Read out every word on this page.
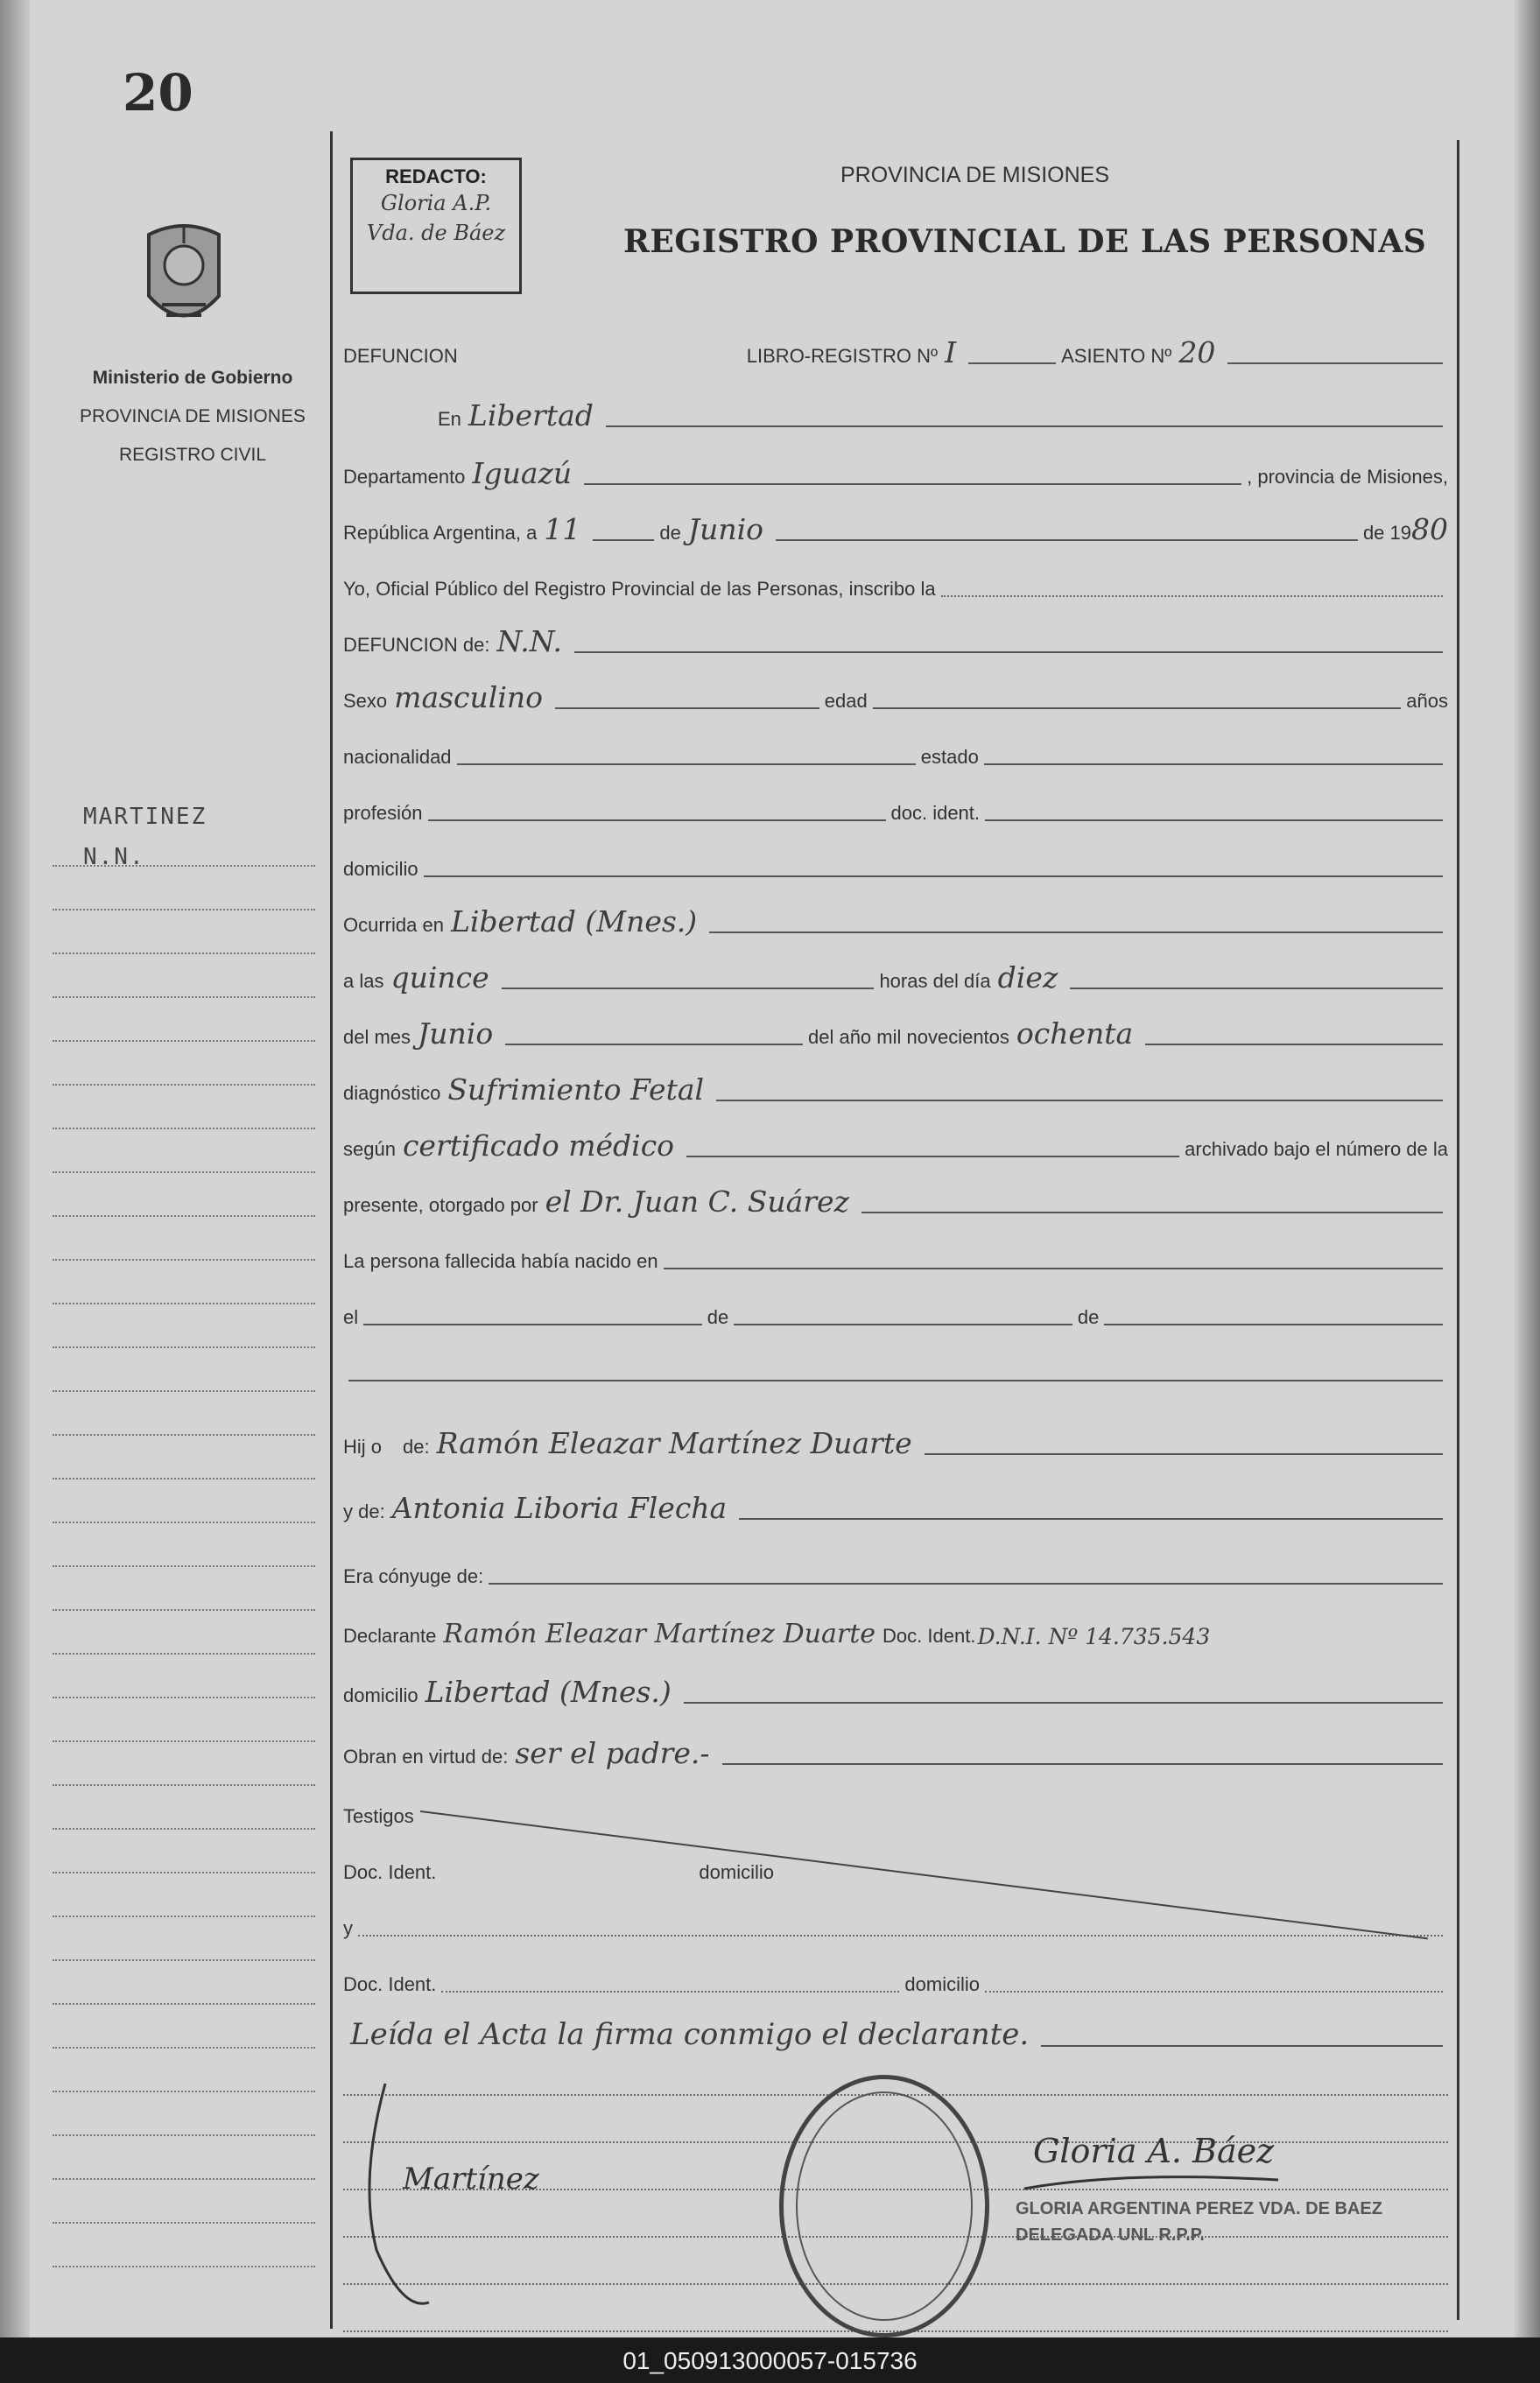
20
Ministerio de Gobierno
PROVINCIA DE MISIONES
REGISTRO CIVIL
MARTINEZ
N.N.
REDACTO:
Gloria A.P.
Vda. de Báez
PROVINCIA DE MISIONES
REGISTRO PROVINCIAL DE LAS PERSONAS
DEFUNCION	LIBRO-REGISTRO Nº I	ASIENTO Nº 20
En Libertad
Departamento Iguazú	, provincia de Misiones,
República Argentina, a 11	de Junio	de 19 80
Yo, Oficial Público del Registro Provincial de las Personas, inscribo la
DEFUNCION de: N.N.
Sexo masculino	edad	años
nacionalidad	estado
profesión	doc. ident.
domicilio
Ocurrida en Libertad (Mnes.)
a las quince	horas del día diez
del mes Junio	del año mil novecientos ochenta
diagnóstico Sufrimiento Fetal
según certificado médico	archivado bajo el número de la
presente, otorgado por el Dr. Juan C. Suárez
La persona fallecida había nacido en
el	de	de
Hij o de: Ramón Eleazar Martínez Duarte
y de: Antonia Liboria Flecha
Era cónyuge de:
Declarante Ramón Eleazar Martínez Duarte Doc. Ident. D.N.I. Nº 14.735.543
domicilio Libertad (Mnes.)
Obran en virtud de: ser el padre.-
Testigos
Doc. Ident.	domicilio
y
Doc. Ident.	domicilio
Leída el Acta la firma conmigo el declarante.
Martínez
Gloria A. Báez
GLORIA ARGENTINA PEREZ VDA. DE BAEZ
DELEGADA UNL R.P.P.
01_050913000057-015736
